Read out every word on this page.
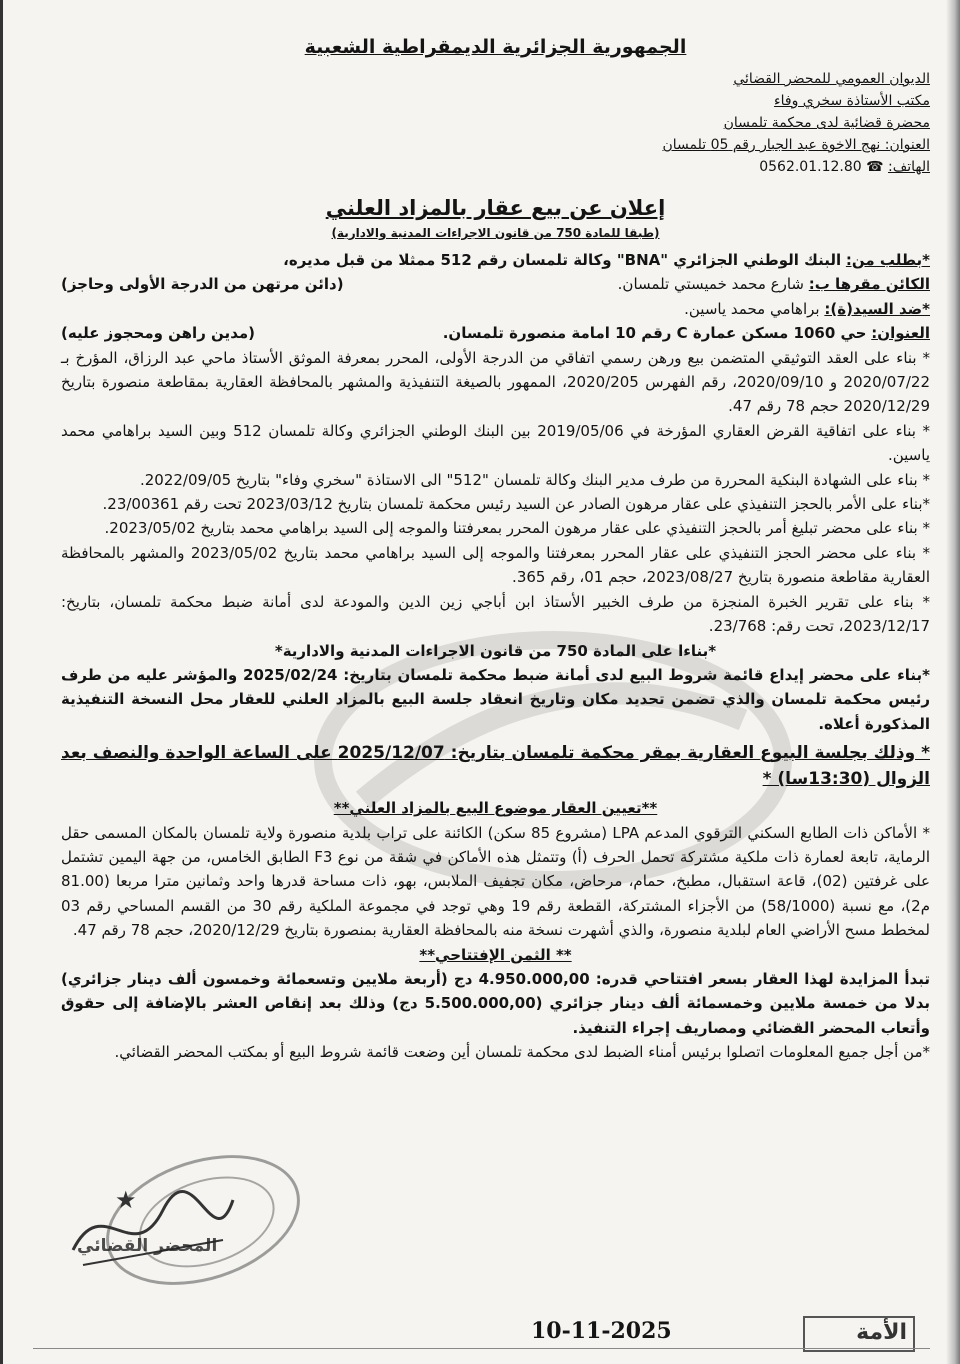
الجمهورية الجزائرية الديمقراطية الشعبية
الديوان العمومي للمحضر القضائي
مكتب الأستاذة سخري وفاء
محضرة قضائية لدى محكمة تلمسان
العنوان: نهج الاخوة عبد الجبار رقم 05 تلمسان
الهاتف: ☎ 0562.01.12.80
إعلان عن بيع عقار بالمزاد العلني
(طبقا للمادة 750 من قانون الاجراءات المدنية والادارية)
*بطلب من: البنك الوطني الجزائري "BNA" وكالة تلمسان رقم 512 ممثلا من قبل مديره،
الكائن مقرها ب: شارع محمد خميستي تلمسان.
(دائن مرتهن من الدرجة الأولى وحاجز)
*ضد السيد(ة): براهامي محمد ياسين.
العنوان: حي 1060 مسكن عمارة C رقم 10 امامة منصورة تلمسان.
(مدين راهن ومحجوز عليه)

* بناء على العقد التوثيقي المتضمن بيع ورهن رسمي اتفاقي من الدرجة الأولى، المحرر بمعرفة الموثق الأستاذ ماحي عبد الرزاق، المؤرخ بـ 2020/07/22 و 2020/09/10، رقم الفهرس 2020/205، الممهور بالصيغة التنفيذية والمشهر بالمحافظة العقارية بمقاطعة منصورة بتاريخ 2020/12/29 حجم 78 رقم 47.

* بناء على اتفاقية القرض العقاري المؤرخة في 2019/05/06 بين البنك الوطني الجزائري وكالة تلمسان 512 وبين السيد براهامي محمد ياسين.

* بناء على الشهادة البنكية المحررة من طرف مدير البنك وكالة تلمسان "512" الى الاستاذة "سخري وفاء" بتاريخ 2022/09/05.

*بناء على الأمر بالحجز التنفيذي على عقار مرهون الصادر عن السيد رئيس محكمة تلمسان بتاريخ 2023/03/12 تحت رقم 23/00361.

* بناء على محضر تبليغ أمر بالحجز التنفيذي على عقار مرهون المحرر بمعرفتنا والموجه إلى السيد براهامي محمد بتاريخ 2023/05/02.

* بناء على محضر الحجز التنفيذي على عقار المحرر بمعرفتنا والموجه إلى السيد براهامي محمد بتاريخ 2023/05/02 والمشهر بالمحافظة العقارية مقاطعة منصورة بتاريخ 2023/08/27، حجم 01، رقم 365.

* بناء على تقرير الخبرة المنجزة من طرف الخبير الأستاذ ابن أباجي زين الدين والمودعة لدى أمانة ضبط محكمة تلمسان، بتاريخ: 2023/12/17، تحت رقم: 23/768.

*بناءا على المادة 750 من قانون الاجراءات المدنية والادارية*

*بناء على محضر إيداع قائمة شروط البيع لدى أمانة ضبط محكمة تلمسان بتاريخ: 2025/02/24 والمؤشر عليه من طرف رئيس محكمة تلمسان والذي تضمن تحديد مكان وتاريخ انعقاد جلسة البيع بالمزاد العلني للعقار محل النسخة التنفيذية المذكورة أعلاه.

* وذلك بجلسة البيوع العقارية بمقر محكمة تلمسان بتاريخ: 2025/12/07 على الساعة الواحدة والنصف بعد الزوال (13:30سا) *

**تعيين العقار موضوع البيع بالمزاد العلني**

* الأماكن ذات الطابع السكني الترقوي المدعم LPA (مشروع 85 سكن) الكائنة على تراب بلدية منصورة ولاية تلمسان بالمكان المسمى حقل الرماية، تابعة لعمارة ذات ملكية مشتركة تحمل الحرف (أ) وتتمثل هذه الأماكن في شقة من نوع F3 الطابق الخامس، من جهة اليمين تشتمل على غرفتين (02)، قاعة استقبال، مطبخ، حمام، مرحاض، مكان تجفيف الملابس، بهو، ذات مساحة قدرها واحد وثمانين مترا مربعا (81.00 م2)، مع نسبة (58/1000) من الأجزاء المشتركة، القطعة رقم 19 وهي توجد في مجموعة الملكية رقم 30 من القسم المساحي رقم 03 لمخطط مسح الأراضي العام لبلدية منصورة، والذي أشهرت نسخة منه بالمحافظة العقارية بمنصورة بتاريخ 2020/12/29، حجم 78 رقم 47.

** الثمن الإفتتاحي**

تبدأ المزايدة لهذا العقار بسعر افتتاحي قدره: 4.950.000,00 دج (أربعة ملايين وتسعمائة وخمسون ألف دينار جزائري) بدلا من خمسة ملايين وخمسمائة ألف دينار جزائري (5.500.000,00 دج) وذلك بعد إنقاص العشر بالإضافة إلى حقوق وأتعاب المحضر القضائي ومصاريف إجراء التنفيذ.

*من أجل جميع المعلومات اتصلوا برئيس أمناء الضبط لدى محكمة تلمسان أين وضعت قائمة شروط البيع أو بمكتب المحضر القضائي.

★
المحضر القضائي
10-11-2025	الأمة
